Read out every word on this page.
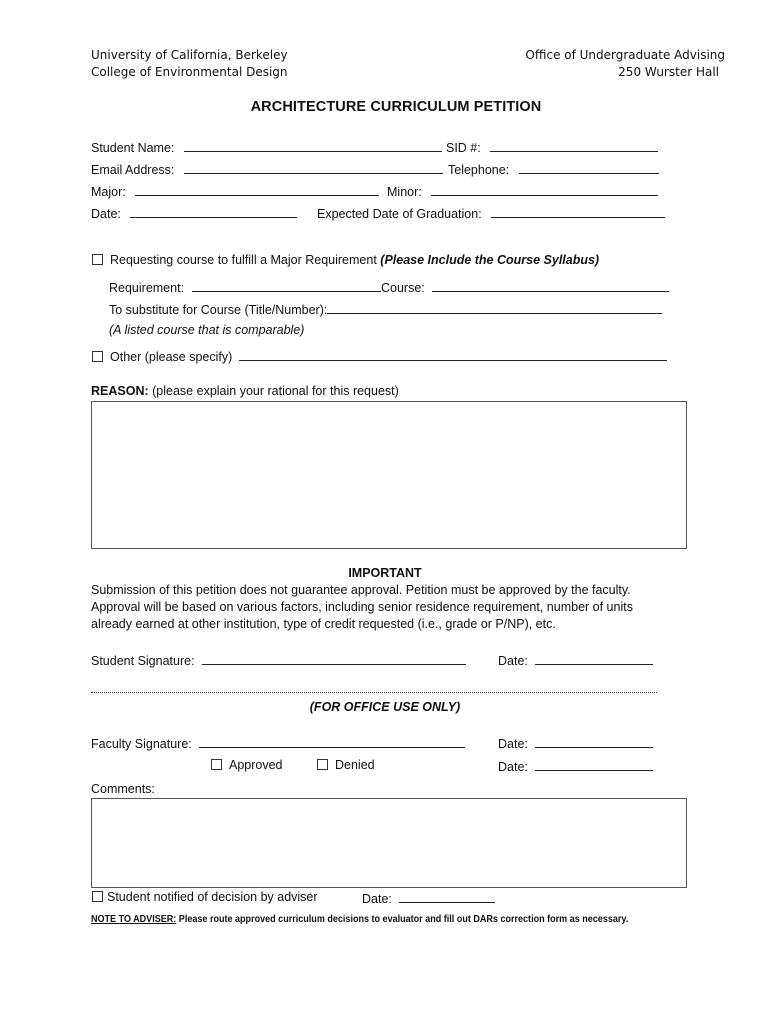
University of California, Berkeley
College of Environmental Design
Office of Undergraduate Advising
250 Wurster Hall
ARCHITECTURE CURRICULUM PETITION
Student Name:	SID #:
Email Address:	Telephone:
Major:	Minor:
Date:	Expected Date of Graduation:
Requesting course to fulfill a Major Requirement (Please Include the Course Syllabus)
Requirement:	Course:
To substitute for Course (Title/Number):
(A listed course that is comparable)
Other (please specify)
REASON: (please explain your rational for this request)
IMPORTANT
Submission of this petition does not guarantee approval. Petition must be approved by the faculty.
Approval will be based on various factors, including senior residence requirement, number of units
already earned at other institution, type of credit requested (i.e., grade or P/NP), etc.
Student Signature:	Date:
(FOR OFFICE USE ONLY)
Faculty Signature:	Date:
Approved	Denied	Date:
Comments:
Student notified of decision by adviser	Date:
NOTE TO ADVISER: Please route approved curriculum decisions to evaluator and fill out DARs correction form as necessary.
